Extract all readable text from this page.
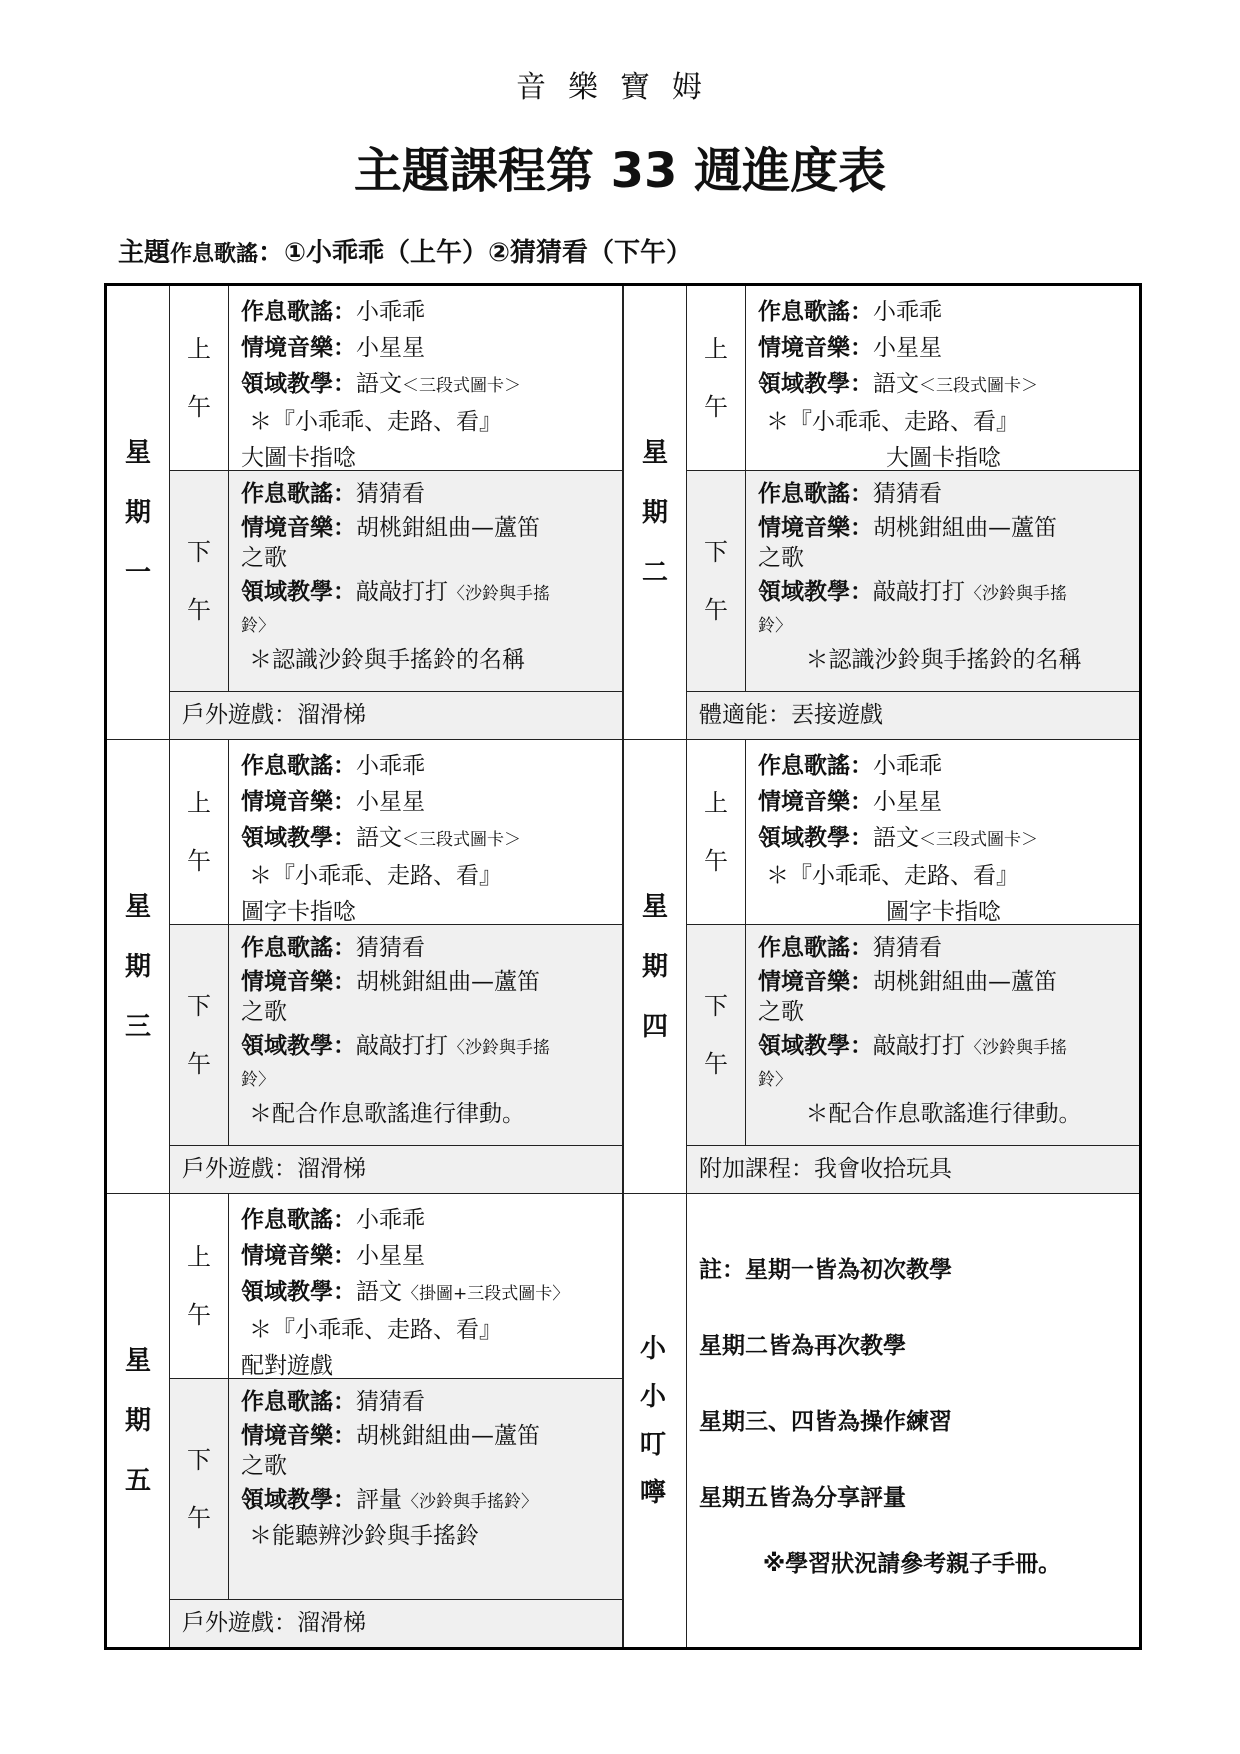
音樂寶姆
主題課程第 33 週進度表
主題作息歌謠：①小乖乖（上午）②猜猜看（下午）
星期一
上午
作息歌謠：小乖乖
情境音樂：小星星
領域教學：語文＜三段式圖卡＞
＊『小乖乖、走路、看』
大圖卡指唸
下午
作息歌謠：猜猜看
情境音樂：胡桃鉗組曲—蘆笛之歌
領域教學：敲敲打打〈沙鈴與手搖鈴〉
＊認識沙鈴與手搖鈴的名稱
戶外遊戲：溜滑梯
星期二
上午
作息歌謠：小乖乖
情境音樂：小星星
領域教學：語文＜三段式圖卡＞
＊『小乖乖、走路、看』
大圖卡指唸
下午
作息歌謠：猜猜看
情境音樂：胡桃鉗組曲—蘆笛之歌
領域教學：敲敲打打〈沙鈴與手搖鈴〉
＊認識沙鈴與手搖鈴的名稱
體適能：丟接遊戲
星期三
上午
作息歌謠：小乖乖
情境音樂：小星星
領域教學：語文＜三段式圖卡＞
＊『小乖乖、走路、看』
圖字卡指唸
下午
作息歌謠：猜猜看
情境音樂：胡桃鉗組曲—蘆笛之歌
領域教學：敲敲打打〈沙鈴與手搖鈴〉
＊配合作息歌謠進行律動。
戶外遊戲：溜滑梯
星期四
上午
作息歌謠：小乖乖
情境音樂：小星星
領域教學：語文＜三段式圖卡＞
＊『小乖乖、走路、看』
圖字卡指唸
下午
作息歌謠：猜猜看
情境音樂：胡桃鉗組曲—蘆笛之歌
領域教學：敲敲打打〈沙鈴與手搖鈴〉
＊配合作息歌謠進行律動。
附加課程：我會收拾玩具
星期五
上午
作息歌謠：小乖乖
情境音樂：小星星
領域教學：語文〈掛圖+三段式圖卡〉
＊『小乖乖、走路、看』
配對遊戲
下午
作息歌謠：猜猜看
情境音樂：胡桃鉗組曲—蘆笛之歌
領域教學：評量〈沙鈴與手搖鈴〉
＊能聽辨沙鈴與手搖鈴
戶外遊戲：溜滑梯
小小叮嚀
註：星期一皆為初次教學
星期二皆為再次教學
星期三、四皆為操作練習
星期五皆為分享評量
※學習狀況請參考親子手冊。
